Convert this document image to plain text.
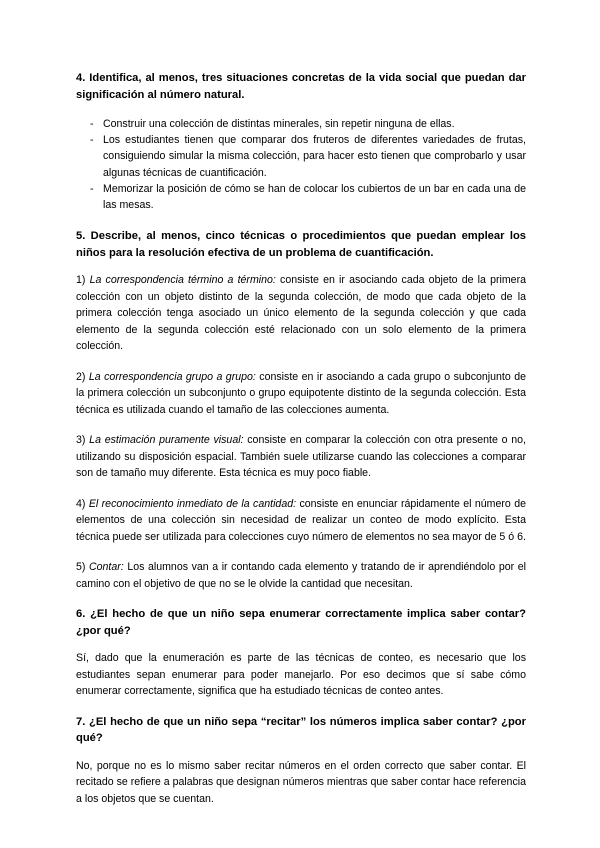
4. Identifica, al menos, tres situaciones concretas de la vida social que puedan dar significación al número natural.

- Construir una colección de distintas minerales, sin repetir ninguna de ellas.
- Los estudiantes tienen que comparar dos fruteros de diferentes variedades de frutas, consiguiendo simular la misma colección, para hacer esto tienen que comprobarlo y usar algunas técnicas de cuantificación.
- Memorizar la posición de cómo se han de colocar los cubiertos de un bar en cada una de las mesas.

5. Describe, al menos, cinco técnicas o procedimientos que puedan emplear los niños para la resolución efectiva de un problema de cuantificación.

1) La correspondencia término a término: consiste en ir asociando cada objeto de la primera colección con un objeto distinto de la segunda colección, de modo que cada objeto de la primera colección tenga asociado un único elemento de la segunda colección y que cada elemento de la segunda colección esté relacionado con un solo elemento de la primera colección.

2) La correspondencia grupo a grupo: consiste en ir asociando a cada grupo o subconjunto de la primera colección un subconjunto o grupo equipotente distinto de la segunda colección. Esta técnica es utilizada cuando el tamaño de las colecciones aumenta.

3) La estimación puramente visual: consiste en comparar la colección con otra presente o no, utilizando su disposición espacial. También suele utilizarse cuando las colecciones a comparar son de tamaño muy diferente. Esta técnica es muy poco fiable.

4) El reconocimiento inmediato de la cantidad: consiste en enunciar rápidamente el número de elementos de una colección sin necesidad de realizar un conteo de modo explícito. Esta técnica puede ser utilizada para colecciones cuyo número de elementos no sea mayor de 5 ó 6.

5) Contar: Los alumnos van a ir contando cada elemento y tratando de ir aprendiéndolo por el camino con el objetivo de que no se le olvide la cantidad que necesitan.

6. ¿El hecho de que un niño sepa enumerar correctamente implica saber contar? ¿por qué?

Sí, dado que la enumeración es parte de las técnicas de conteo, es necesario que los estudiantes sepan enumerar para poder manejarlo. Por eso decimos que sí sabe cómo enumerar correctamente, significa que ha estudiado técnicas de conteo antes.

7. ¿El hecho de que un niño sepa “recitar” los números implica saber contar? ¿por qué?

No, porque no es lo mismo saber recitar números en el orden correcto que saber contar. El recitado se refiere a palabras que designan números mientras que saber contar hace referencia a los objetos que se cuentan.
